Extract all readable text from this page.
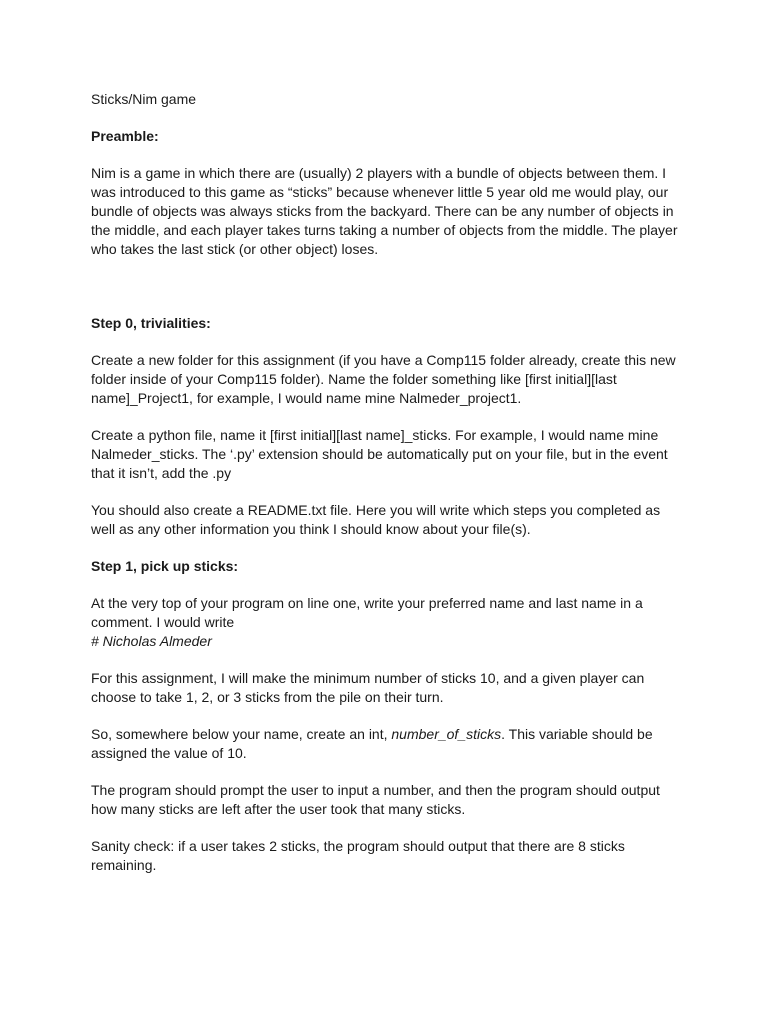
Sticks/Nim game

Preamble:

Nim is a game in which there are (usually) 2 players with a bundle of objects between them. I was introduced to this game as “sticks” because whenever little 5 year old me would play, our bundle of objects was always sticks from the backyard. There can be any number of objects in the middle, and each player takes turns taking a number of objects from the middle. The player who takes the last stick (or other object) loses.

Step 0, trivialities:

Create a new folder for this assignment (if you have a Comp115 folder already, create this new folder inside of your Comp115 folder). Name the folder something like [first initial][last name]_Project1, for example, I would name mine Nalmeder_project1.

Create a python file, name it [first initial][last name]_sticks. For example, I would name mine Nalmeder_sticks. The ‘.py’ extension should be automatically put on your file, but in the event that it isn’t, add the .py

You should also create a README.txt file. Here you will write which steps you completed as well as any other information you think I should know about your file(s).

Step 1, pick up sticks:

At the very top of your program on line one, write your preferred name and last name in a comment. I would write
# Nicholas Almeder

For this assignment, I will make the minimum number of sticks 10, and a given player can choose to take 1, 2, or 3 sticks from the pile on their turn.

So, somewhere below your name, create an int, number_of_sticks. This variable should be assigned the value of 10.

The program should prompt the user to input a number, and then the program should output how many sticks are left after the user took that many sticks.

Sanity check: if a user takes 2 sticks, the program should output that there are 8 sticks remaining.
